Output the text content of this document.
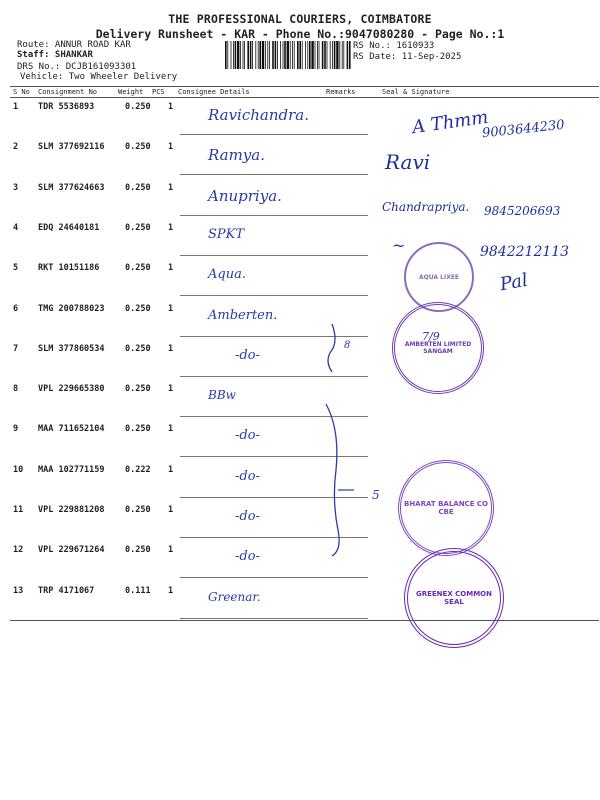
THE PROFESSIONAL COURIERS, COIMBATORE
Delivery Runsheet - KAR - Phone No.:9047080280 - Page No.:1
Route: ANNUR ROAD KAR
Staff: SHANKAR
DRS No.: DCJB161093301
Vehicle: Two Wheeler Delivery
RS No.: 1610933
RS Date: 11-Sep-2025
S No Consignment No	Weight PCS Consignee Details	Remarks	Seal & Signature
1 TDR 5536893	0.250 1 Ravichandra.
2 SLM 377692116 0.250 1 Ramya.
3 SLM 377624663 0.250 1 Anupriya.
4 EDQ 24640181	0.250 1	SPKT
5 RKT 10151186	0.250 1	Aqua.
6 TMG 200788023 0.250 1	Amberten.
7 SLM 377860534 0.250 1	-do-
8 VPL 229665380 0.250 1	BBw
9 MAA 711652104 0.250 1	-do-
10 MAA 102771159 0.222 1	-do-
11 VPL 229881208 0.250 1	-do-
12 VPL 229671264 0.250 1	-do-
13 TRP 4171067	0.111 1	Greenar.
8
5
A Thmm
9003644230
Ravi
Chandrapriya. 9845206693
~	9842212113
Pal
AQUA LIXEE
AMBERTEN LIMITED SANGAM
7/9
BHARAT BALANCE CO CBE
GREENEX COMMON SEAL
